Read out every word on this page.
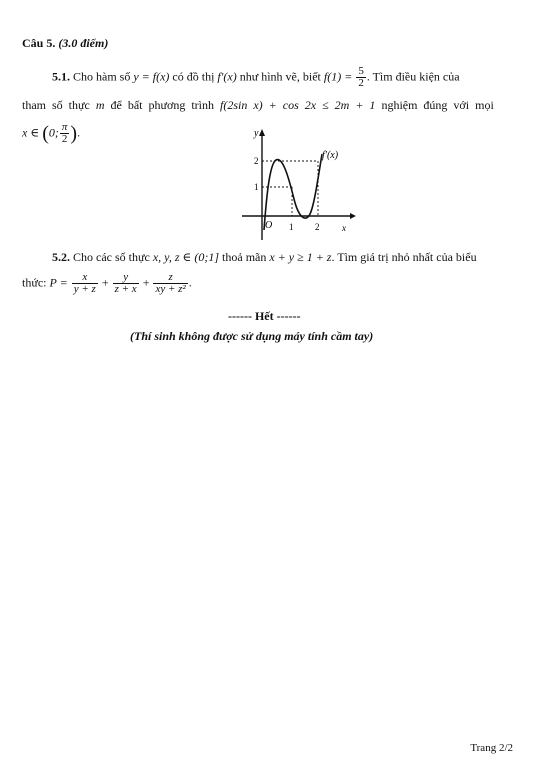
Câu 5. (3.0 điểm)
5.1. Cho hàm số y = f(x) có đồ thị f′(x) như hình vẽ, biết $f(1) = \frac{5}{2}$ . Tìm điều kiện của
tham số thực m để bất phương trình f(2sin x) + cos 2x ≤ 2m + 1 nghiệm đúng với mọi
x ∈ (0; $\frac{\pi}{2}$ ).	y
x
O
f′(x)
1 2
1
2
5.2. Cho các số thực x, y, z ∈ (0;1] thoả mãn x + y ≥ 1 + z. Tìm giá trị nhỏ nhất của biểu
thức: $P = \frac{x}{y + z} + \frac{y}{z + x} + \frac{z}{\text{xy + z²}}$ .
------ Hết ------
(Thí sinh không được sử dụng máy tính cầm tay)
Trang 2/2
